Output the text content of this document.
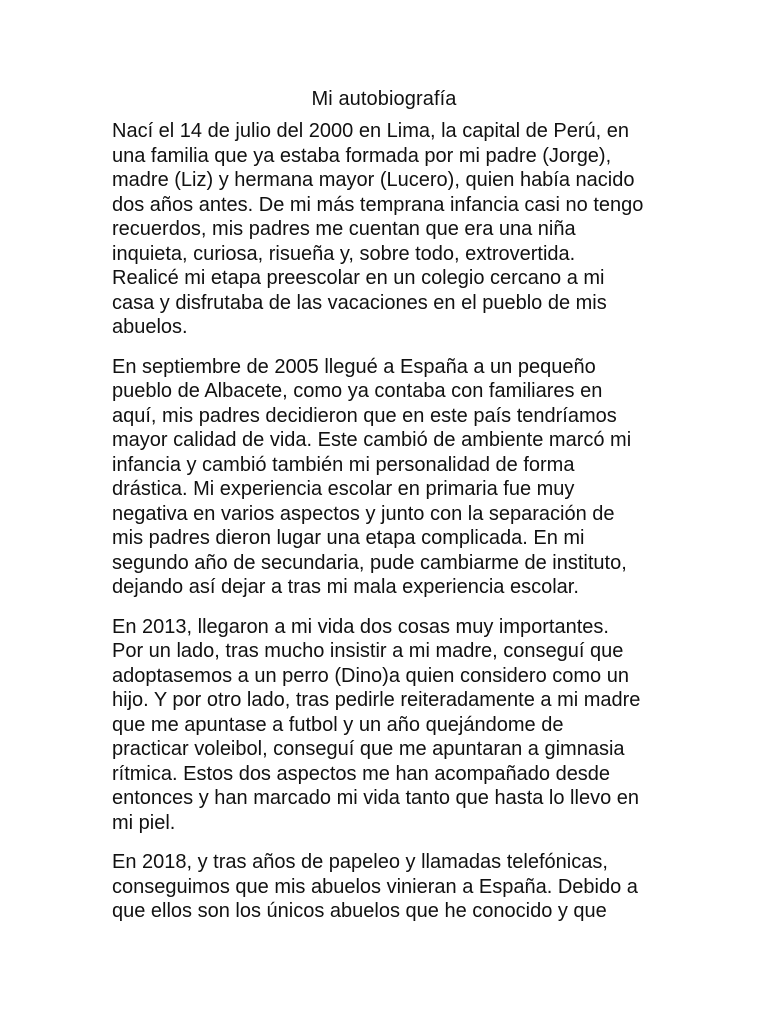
Mi autobiografía
Nací el 14 de julio del 2000 en Lima, la capital de Perú, en
una familia que ya estaba formada por mi padre (Jorge),
madre (Liz) y hermana mayor (Lucero), quien había nacido
dos años antes. De mi más temprana infancia casi no tengo
recuerdos, mis padres me cuentan que era una niña
inquieta, curiosa, risueña y, sobre todo, extrovertida.
Realicé mi etapa preescolar en un colegio cercano a mi
casa y disfrutaba de las vacaciones en el pueblo de mis
abuelos.
En septiembre de 2005 llegué a España a un pequeño
pueblo de Albacete, como ya contaba con familiares en
aquí, mis padres decidieron que en este país tendríamos
mayor calidad de vida. Este cambió de ambiente marcó mi
infancia y cambió también mi personalidad de forma
drástica. Mi experiencia escolar en primaria fue muy
negativa en varios aspectos y junto con la separación de
mis padres dieron lugar una etapa complicada. En mi
segundo año de secundaria, pude cambiarme de instituto,
dejando así dejar a tras mi mala experiencia escolar.
En 2013, llegaron a mi vida dos cosas muy importantes.
Por un lado, tras mucho insistir a mi madre, conseguí que
adoptasemos a un perro (Dino)a quien considero como un
hijo. Y por otro lado, tras pedirle reiteradamente a mi madre
que me apuntase a futbol y un año quejándome de
practicar voleibol, conseguí que me apuntaran a gimnasia
rítmica. Estos dos aspectos me han acompañado desde
entonces y han marcado mi vida tanto que hasta lo llevo en
mi piel.
En 2018, y tras años de papeleo y llamadas telefónicas,
conseguimos que mis abuelos vinieran a España. Debido a
que ellos son los únicos abuelos que he conocido y que
